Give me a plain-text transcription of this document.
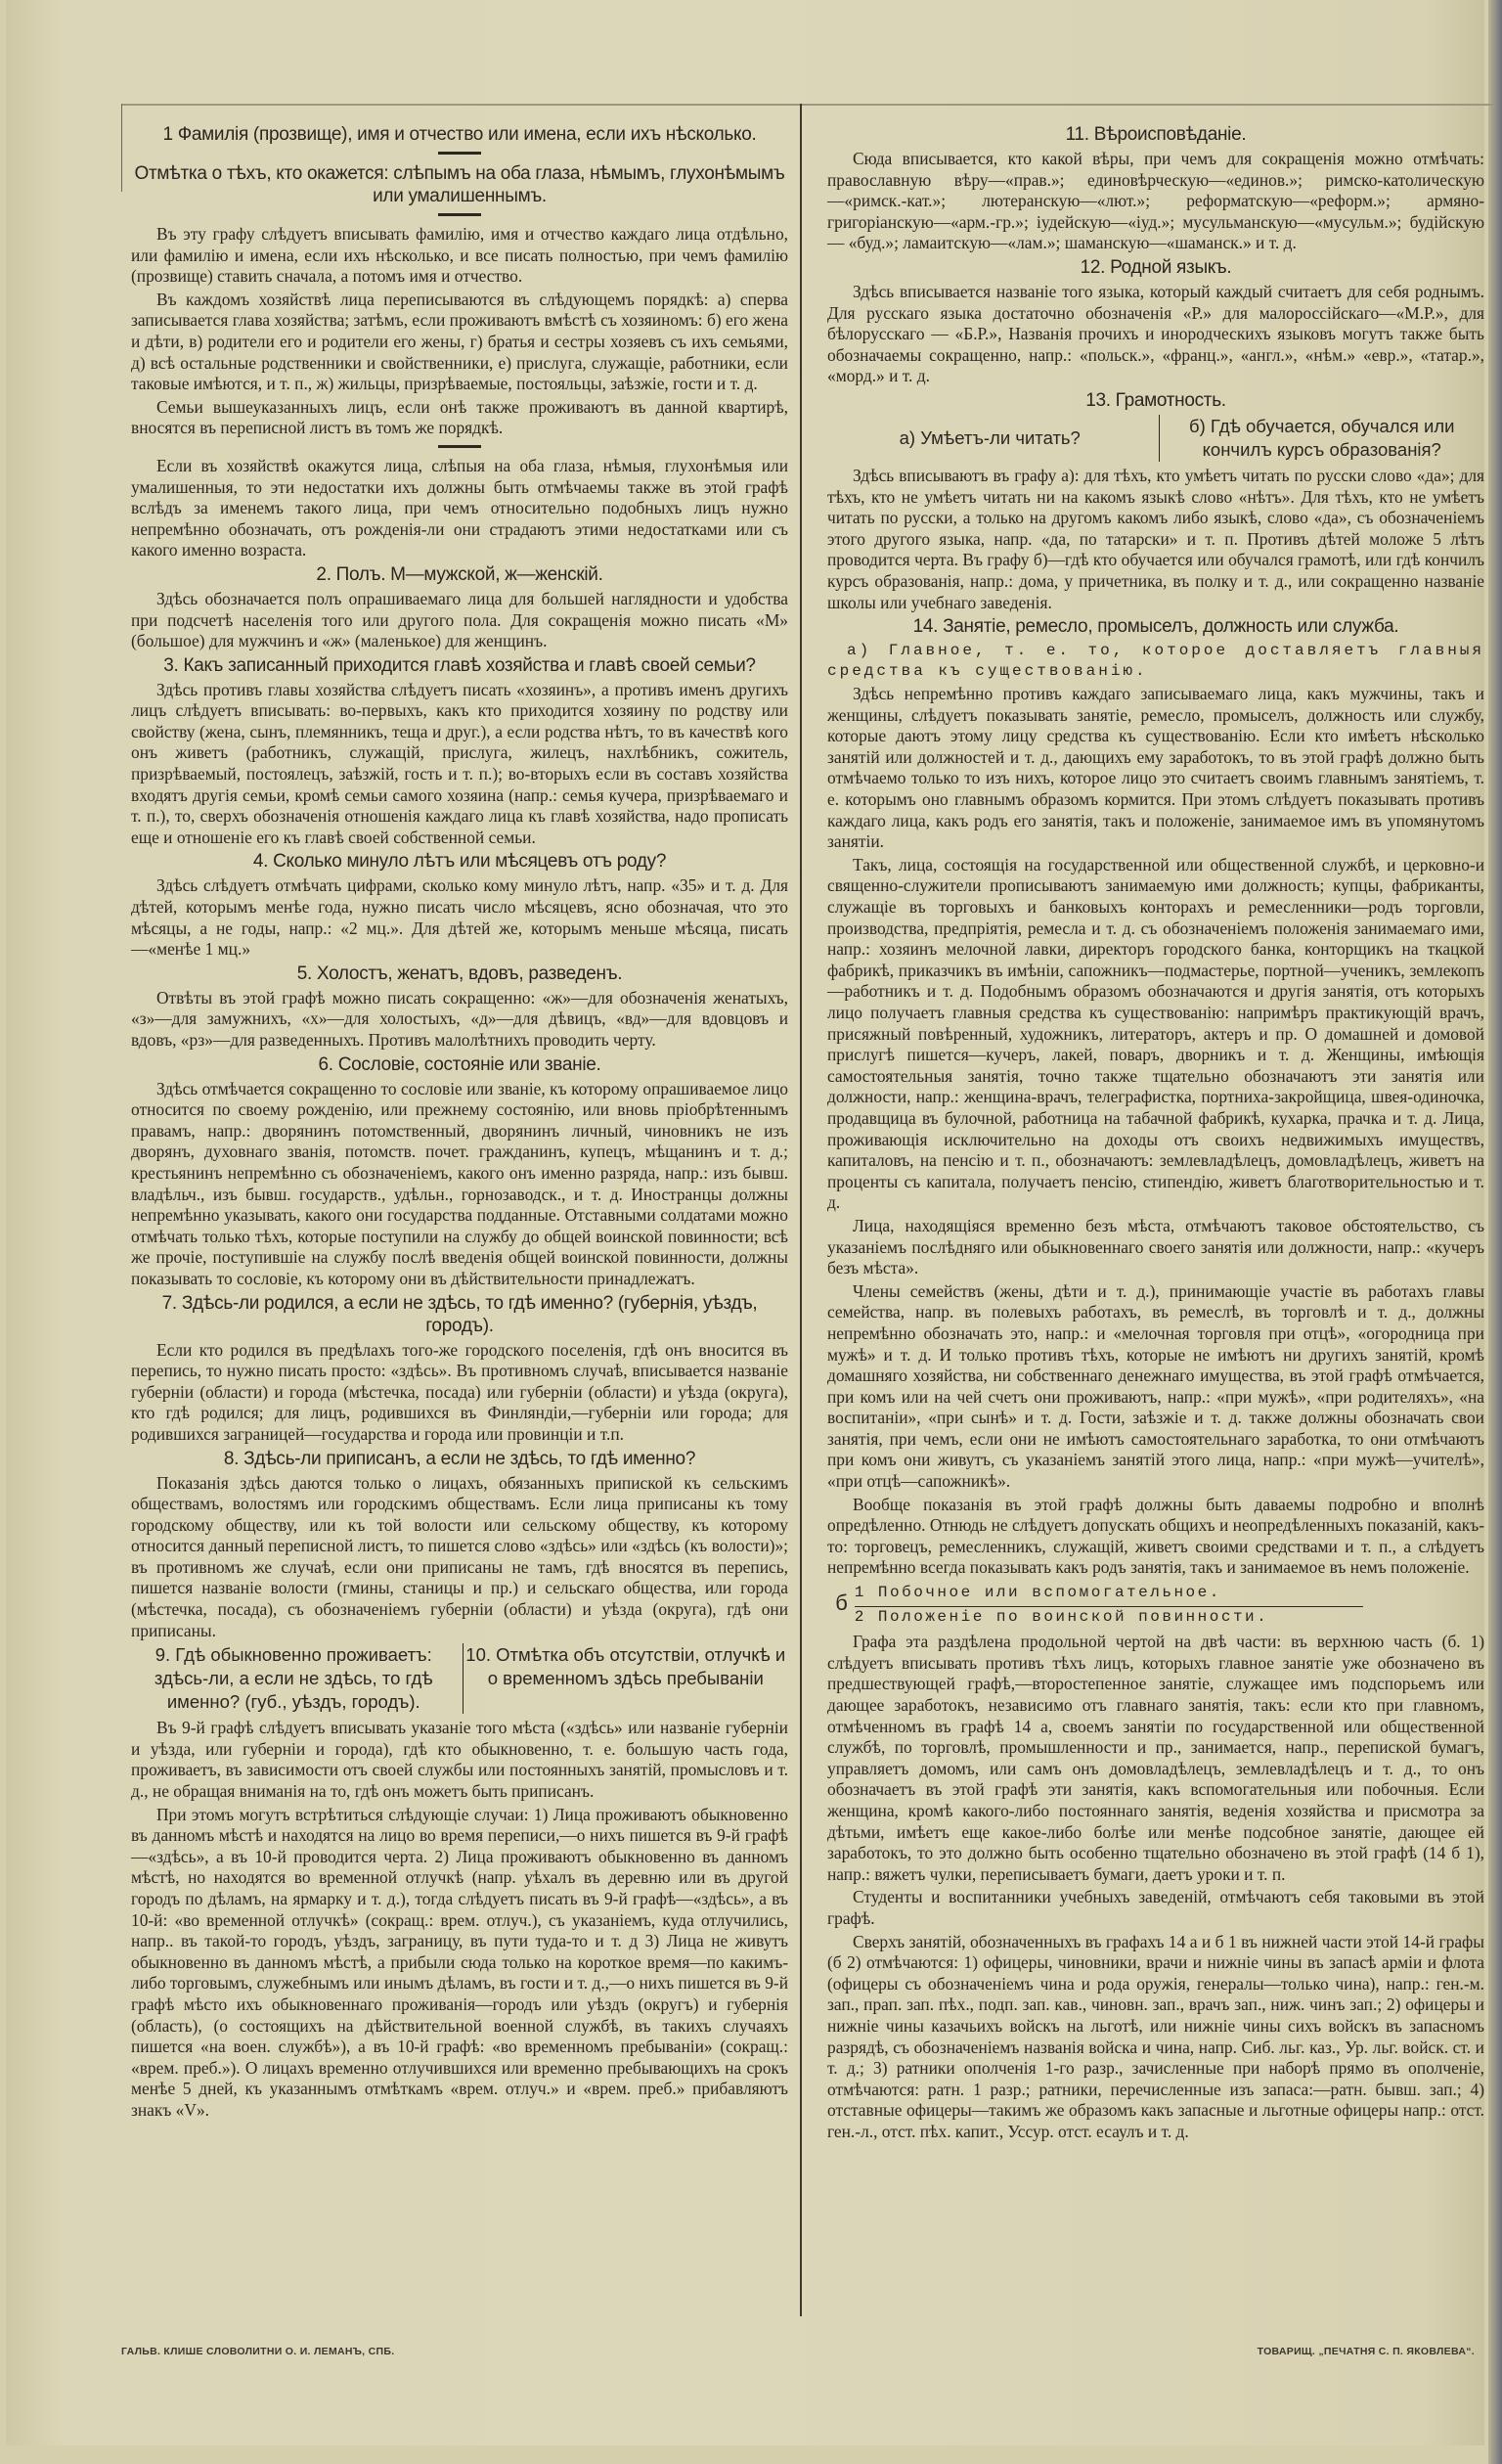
1 Фамилія (прозвище), имя и отчество или имена, если ихъ нѣсколько.
Отмѣтка о тѣхъ, кто окажется: слѣпымъ на оба глаза, нѣмымъ, глухонѣмымъ или умалишеннымъ.

Въ эту графу слѣдуетъ вписывать фамилію, имя и отчество каждаго лица отдѣльно, или фамилію и имена, если ихъ нѣсколько, и все писать полностью, при чемъ фамилію (прозвище) ставить сначала, а потомъ имя и отчество.

Въ каждомъ хозяйствѣ лица переписываются въ слѣдующемъ порядкѣ: а) сперва записывается глава хозяйства; затѣмъ, если проживаютъ вмѣстѣ съ хозяиномъ: б) его жена и дѣти, в) родители его и родители его жены, г) братья и сестры хозяевъ съ ихъ семьями, д) всѣ остальные родственники и свойственники, е) прислуга, служащіе, работники, если таковые имѣются, и т. п., ж) жильцы, призрѣваемые, постояльцы, заѣзжіе, гости и т. д.

Семьи вышеуказанныхъ лицъ, если онѣ также проживаютъ въ данной квартирѣ, вносятся въ переписной листъ въ томъ же порядкѣ.

Если въ хозяйствѣ окажутся лица, слѣпыя на оба глаза, нѣмыя, глухонѣмыя или умалишенныя, то эти недостатки ихъ должны быть отмѣчаемы также въ этой графѣ вслѣдъ за именемъ такого лица, при чемъ относительно подобныхъ лицъ нужно непремѣнно обозначать, отъ рожденія-ли они страдаютъ этими недостатками или съ какого именно возраста.

2. Полъ. М—мужской, ж—женскій.

Здѣсь обозначается полъ опрашиваемаго лица для большей наглядности и удобства при подсчетѣ населенія того или другого пола. Для сокращенія можно писать «М» (большое) для мужчинъ и «ж» (маленькое) для женщинъ.

3. Какъ записанный приходится главѣ хозяйства и главѣ своей семьи?

Здѣсь противъ главы хозяйства слѣдуетъ писать «хозяинъ», а противъ именъ другихъ лицъ слѣдуетъ вписывать: во-первыхъ, какъ кто приходится хозяину по родству или свойству (жена, сынъ, племянникъ, теща и друг.), а если родства нѣтъ, то въ качествѣ кого онъ живетъ (работникъ, служащій, прислуга, жилецъ, нахлѣбникъ, сожитель, призрѣваемый, постоялецъ, заѣзжій, гость и т. п.); во-вторыхъ если въ составъ хозяйства входятъ другія семьи, кромѣ семьи самого хозяина (напр.: семья кучера, призрѣваемаго и т. п.), то, сверхъ обозначенія отношенія каждаго лица къ главѣ хозяйства, надо прописать еще и отношеніе его къ главѣ своей собственной семьи.

4. Сколько минуло лѣтъ или мѣсяцевъ отъ роду?

Здѣсь слѣдуетъ отмѣчать цифрами, сколько кому минуло лѣтъ, напр. «35» и т. д. Для дѣтей, которымъ менѣе года, нужно писать число мѣсяцевъ, ясно обозначая, что это мѣсяцы, а не годы, напр.: «2 мц.». Для дѣтей же, которымъ меньше мѣсяца, писать—«менѣе 1 мц.»

5. Холостъ, женатъ, вдовъ, разведенъ.

Отвѣты въ этой графѣ можно писать сокращенно: «ж»—для обозначенія женатыхъ, «з»—для замужнихъ, «х»—для холостыхъ, «д»—для дѣвицъ, «вд»—для вдовцовъ и вдовъ, «рз»—для разведенныхъ. Противъ малолѣтнихъ проводить черту.

6. Сословіе, состояніе или званіе.

Здѣсь отмѣчается сокращенно то сословіе или званіе, къ которому опрашиваемое лицо относится по своему рожденію, или прежнему состоянію, или вновь пріобрѣтеннымъ правамъ, напр.: дворянинъ потомственный, дворянинъ личный, чиновникъ не изъ дворянъ, духовнаго званія, потомств. почет. гражданинъ, купецъ, мѣщанинъ и т. д.; крестьянинъ непремѣнно съ обозначеніемъ, какого онъ именно разряда, напр.: изъ бывш. владѣльч., изъ бывш. государств., удѣльн., горнозаводск., и т. д. Иностранцы должны непремѣнно указывать, какого они государства подданные. Отставными солдатами можно отмѣчать только тѣхъ, которые поступили на службу до общей воинской повинности; всѣ же прочіе, поступившіе на службу послѣ введенія общей воинской повинности, должны показывать то сословіе, къ которому они въ дѣйствительности принадлежатъ.

7. Здѣсь-ли родился, а если не здѣсь, то гдѣ именно? (губернія, уѣздъ, городъ).

Если кто родился въ предѣлахъ того-же городского поселенія, гдѣ онъ вносится въ перепись, то нужно писать просто: «здѣсь». Въ противномъ случаѣ, вписывается названіе губерніи (области) и города (мѣстечка, посада) или губерніи (области) и уѣзда (округа), кто гдѣ родился; для лицъ, родившихся въ Финляндіи,—губерніи или города; для родившихся заграницей—государства и города или провинціи и т.п.

8. Здѣсь-ли приписанъ, а если не здѣсь, то гдѣ именно?

Показанія здѣсь даются только о лицахъ, обязанныхъ припиской къ сельскимъ обществамъ, волостямъ или городскимъ обществамъ. Если лица приписаны къ тому городскому обществу, или къ той волости или сельскому обществу, къ которому относится данный переписной листъ, то пишется слово «здѣсь» или «здѣсь (къ волости)»; въ противномъ же случаѣ, если они приписаны не тамъ, гдѣ вносятся въ перепись, пишется названіе волости (гмины, станицы и пр.) и сельскаго общества, или города (мѣстечка, посада), съ обозначеніемъ губерніи (области) и уѣзда (округа), гдѣ они приписаны.

9. Гдѣ обыкновенно проживаетъ: здѣсь-ли, а если не здѣсь, то гдѣ именно? (губ., уѣздъ, городъ).
10. Отмѣтка объ отсутствіи, отлучкѣ и о временномъ здѣсь пребываніи

Въ 9-й графѣ слѣдуетъ вписывать указаніе того мѣста («здѣсь» или названіе губерніи и уѣзда, или губерніи и города), гдѣ кто обыкновенно, т. е. большую часть года, проживаетъ, въ зависимости отъ своей службы или постоянныхъ занятій, промысловъ и т. д., не обращая вниманія на то, гдѣ онъ можетъ быть приписанъ.

При этомъ могутъ встрѣтиться слѣдующіе случаи: 1) Лица проживаютъ обыкновенно въ данномъ мѣстѣ и находятся на лицо во время переписи,—о нихъ пишется въ 9-й графѣ—«здѣсь», а въ 10-й проводится черта. 2) Лица проживаютъ обыкновенно въ данномъ мѣстѣ, но находятся во временной отлучкѣ (напр. уѣхалъ въ деревню или въ другой городъ по дѣламъ, на ярмарку и т. д.), тогда слѣдуетъ писать въ 9-й графѣ—«здѣсь», а въ 10-й: «во временной отлучкѣ» (сокращ.: врем. отлуч.), съ указаніемъ, куда отлучились, напр.. въ такой-то городъ, уѣздъ, заграницу, въ пути туда-то и т. д 3) Лица не живутъ обыкновенно въ данномъ мѣстѣ, а прибыли сюда только на короткое время—по какимъ-либо торговымъ, служебнымъ или инымъ дѣламъ, въ гости и т. д.,—о нихъ пишется въ 9-й графѣ мѣсто ихъ обыкновеннаго проживанія—городъ или уѣздъ (округъ) и губернія (область), (о состоящихъ на дѣйствительной военной службѣ, въ такихъ случаяхъ пишется «на воен. службѣ»), а въ 10-й графѣ: «во временномъ пребываніи» (сокращ.: «врем. преб.»). О лицахъ временно отлучившихся или временно пребывающихъ на срокъ менѣе 5 дней, къ указаннымъ отмѣткамъ «врем. отлуч.» и «врем. преб.» прибавляютъ знакъ «V».

11. Вѣроисповѣданіе.

Сюда вписывается, кто какой вѣры, при чемъ для сокращенія можно отмѣчать: православную вѣру—«прав.»; единовѣрческую—«единов.»; римско-католическую—«римск.-кат.»; лютеранскую—«лют.»; реформатскую—«реформ.»; армяно-григоріанскую—«арм.-гр.»; іудейскую—«іуд.»; мусульманскую—«мусульм.»; будійскую — «буд.»; ламаитскую—«лам.»; шаманскую—«шаманск.» и т. д.

12. Родной языкъ.

Здѣсь вписывается названіе того языка, который каждый считаетъ для себя роднымъ. Для русскаго языка достаточно обозначенія «Р.» для малороссійскаго—«М.Р.», для бѣлорусскаго — «Б.Р.», Названія прочихъ и инородческихъ языковъ могутъ также быть обозначаемы сокращенно, напр.: «польск.», «франц.», «англ.», «нѣм.» «евр.», «татар.», «морд.» и т. д.

13. Грамотность.
а) Умѣетъ-ли читать?
б) Гдѣ обучается, обучался или кончилъ курсъ образованія?

Здѣсь вписываютъ въ графу а): для тѣхъ, кто умѣетъ читать по русски слово «да»; для тѣхъ, кто не умѣетъ читать ни на какомъ языкѣ слово «нѣтъ». Для тѣхъ, кто не умѣетъ читать по русски, а только на другомъ какомъ либо языкѣ, слово «да», съ обозначеніемъ этого другого языка, напр. «да, по татарски» и т. п. Противъ дѣтей моложе 5 лѣтъ проводится черта. Въ графу б)—гдѣ кто обучается или обучался грамотѣ, или гдѣ кончилъ курсъ образованія, напр.: дома, у причетника, въ полку и т. д., или сокращенно названіе школы или учебнаго заведенія.

14. Занятіе, ремесло, промыселъ, должность или служба.
а) Главное, т. е. то, которое доставляетъ главныя средства къ существованію.

Здѣсь непремѣнно противъ каждаго записываемаго лица, какъ мужчины, такъ и женщины, слѣдуетъ показывать занятіе, ремесло, промыселъ, должность или службу, которые даютъ этому лицу средства къ существованію. Если кто имѣетъ нѣсколько занятій или должностей и т. д., дающихъ ему заработокъ, то въ этой графѣ должно быть отмѣчаемо только то изъ нихъ, которое лицо это считаетъ своимъ главнымъ занятіемъ, т. е. которымъ оно главнымъ образомъ кормится. При этомъ слѣдуетъ показывать противъ каждаго лица, какъ родъ его занятія, такъ и положеніе, занимаемое имъ въ упомянутомъ занятіи.

Такъ, лица, состоящія на государственной или общественной службѣ, и церковно-и священно-служители прописываютъ занимаемую ими должность; купцы, фабриканты, служащіе въ торговыхъ и банковыхъ конторахъ и ремесленники—родъ торговли, производства, предпріятія, ремесла и т. д. съ обозначеніемъ положенія занимаемаго ими, напр.: хозяинъ мелочной лавки, директоръ городского банка, конторщикъ на ткацкой фабрикѣ, приказчикъ въ имѣніи, сапожникъ—подмастерье, портной—ученикъ, землекопъ—работникъ и т. д. Подобнымъ образомъ обозначаются и другія занятія, отъ которыхъ лицо получаетъ главныя средства къ существованію: напримѣръ практикующій врачъ, присяжный повѣренный, художникъ, литераторъ, актеръ и пр. О домашней и домовой прислугѣ пишется—кучеръ, лакей, поваръ, дворникъ и т. д. Женщины, имѣющія самостоятельныя занятія, точно также тщательно обозначаютъ эти занятія или должности, напр.: женщина-врачъ, телеграфистка, портниха-закройщица, швея-одиночка, продавщица въ булочной, работница на табачной фабрикѣ, кухарка, прачка и т. д. Лица, проживающія исключительно на доходы отъ своихъ недвижимыхъ имуществъ, капиталовъ, на пенсію и т. п., обозначаютъ: землевладѣлецъ, домовладѣлецъ, живетъ на проценты съ капитала, получаетъ пенсію, стипендію, живетъ благотворительностью и т. д.

Лица, находящіяся временно безъ мѣста, отмѣчаютъ таковое обстоятельство, съ указаніемъ послѣдняго или обыкновеннаго своего занятія или должности, напр.: «кучеръ безъ мѣста».

Члены семействъ (жены, дѣти и т. д.), принимающіе участіе въ работахъ главы семейства, напр. въ полевыхъ работахъ, въ ремеслѣ, въ торговлѣ и т. д., должны непремѣнно обозначать это, напр.: и «мелочная торговля при отцѣ», «огородница при мужѣ» и т. д. И только противъ тѣхъ, которые не имѣютъ ни другихъ занятій, кромѣ домашняго хозяйства, ни собственнаго денежнаго имущества, въ этой графѣ отмѣчается, при комъ или на чей счетъ они проживаютъ, напр.: «при мужѣ», «при родителяхъ», «на воспитаніи», «при сынѣ» и т. д. Гости, заѣзжіе и т. д. также должны обозначать свои занятія, при чемъ, если они не имѣютъ самостоятельнаго заработка, то они отмѣчаютъ при комъ они живутъ, съ указаніемъ занятій этого лица, напр.: «при мужѣ—учителѣ», «при отцѣ—сапожникѣ».

Вообще показанія въ этой графѣ должны быть даваемы подробно и вполнѣ опредѣленно. Отнюдь не слѣдуетъ допускать общихъ и неопредѣленныхъ показаній, какъ-то: торговецъ, ремесленникъ, служащій, живетъ своими средствами и т. п., а слѣдуетъ непремѣнно всегда показывать какъ родъ занятія, такъ и занимаемое въ немъ положеніе.

б
1 Побочное или вспомогательное.
2 Положеніе по воинской повинности.

Графа эта раздѣлена продольной чертой на двѣ части: въ верхнюю часть (б. 1) слѣдуетъ вписывать противъ тѣхъ лицъ, которыхъ главное занятіе уже обозначено въ предшествующей графѣ,—второстепенное занятіе, служащее имъ подспорьемъ или дающее заработокъ, независимо отъ главнаго занятія, такъ: если кто при главномъ, отмѣченномъ въ графѣ 14 а, своемъ занятіи по государственной или общественной службѣ, по торговлѣ, промышленности и пр., занимается, напр., перепиской бумагъ, управляетъ домомъ, или самъ онъ домовладѣлецъ, землевладѣлецъ и т. д., то онъ обозначаетъ въ этой графѣ эти занятія, какъ вспомогательныя или побочныя. Если женщина, кромѣ какого-либо постояннаго занятія, веденія хозяйства и присмотра за дѣтьми, имѣетъ еще какое-либо болѣе или менѣе подсобное занятіе, дающее ей заработокъ, то это должно быть особенно тщательно обозначено въ этой графѣ (14 б 1), напр.: вяжетъ чулки, переписываетъ бумаги, даетъ уроки и т. п.

Студенты и воспитанники учебныхъ заведеній, отмѣчаютъ себя таковыми въ этой графѣ.

Сверхъ занятій, обозначенныхъ въ графахъ 14 а и б 1 въ нижней части этой 14-й графы (б 2) отмѣчаются: 1) офицеры, чиновники, врачи и нижніе чины въ запасѣ арміи и флота (офицеры съ обозначеніемъ чина и рода оружія, генералы—только чина), напр.: ген.-м. зап., прап. зап. пѣх., подп. зап. кав., чиновн. зап., врачъ зап., ниж. чинъ зап.; 2) офицеры и нижніе чины казачьихъ войскъ на льготѣ, или нижніе чины сихъ войскъ въ запасномъ разрядѣ, съ обозначеніемъ названія войска и чина, напр. Сиб. льг. каз., Ур. льг. войск. ст. и т. д.; 3) ратники ополченія 1-го разр., зачисленные при наборѣ прямо въ ополченіе, отмѣчаются: ратн. 1 разр.; ратники, перечисленные изъ запаса:—ратн. бывш. зап.; 4) отставные офицеры—такимъ же образомъ какъ запасные и льготные офицеры напр.: отст. ген.-л., отст. пѣх. капит., Уссур. отст. есаулъ и т. д.

ГАЛЬВ. КЛИШЕ СЛОВОЛИТНИ О. И. ЛЕМАНЪ, СПБ.	ТОВАРИЩ. „ПЕЧАТНЯ С. П. ЯКОВЛЕВА“.
